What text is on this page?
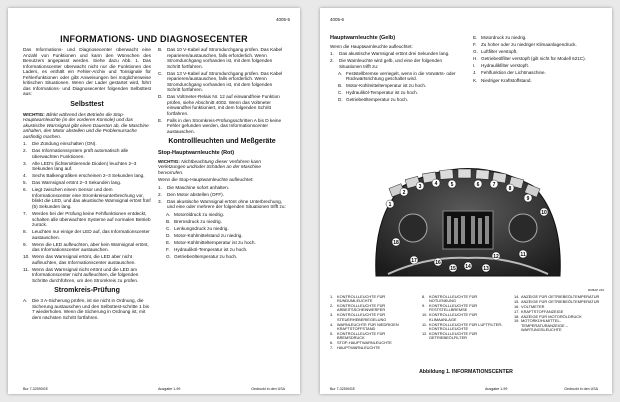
4005-5
INFORMATIONS- UND DIAGNOSECENTER

Das Informations- und Diagnosecenter überwacht eine Anzahl von Funktionen und kann den Wünschen des Benutzers angepasst werden. Siehe dazu Abb. 1. Das Informationscenter überwacht nicht nur die Funktionen des Laders, es enthält ein Fehler-Archiv und Tonsignale für Fehlerfunktionen oder gibt Anweisungen bei möglicherweise kritischen Situationen. Wenn der Lader gestartet wird, führt das Informations- und Diagnosecenter folgenden Selbsttest aus:

Selbsttest

WICHTIG: Blinkt während des Betriebs die Stop-Hauptwarnleuchte (in der vorderen Konsole) und das akustische Warnsignal gibt einen Dauerton ab, die Maschine anhalten, den Motor abstellen und die Problemursache ausfindig machen.

1.	Die Zündung einschalten (ON).
2.	Das Informationssystem prüft automatisch alle überwachten Funktionen.
3.	Alle LED's (lichtemittierende Dioden) leuchten 2–3 Sekunden lang auf.
4.	Sechs Balkengrafiken erscheinen 2–3 Sekunden lang.
5.	Das Warnsignal ertönt 2–3 Sekunden lang.
6.	Liegt zwischen einem Sensor und dem Informationscenter eine Stromkreisunterbrechung vor, blinkt die LED, und das akustische Warnsignal ertönt fünf (5) Sekunden lang.
7.	Werden bei der Prüfung keine Fehlfunktionen entdeckt, schalten alle überwachten Systeme auf normalen Betrieb zurück.
8.	Leuchten nur einige der LED auf, das Informationscenter austauschen.
9.	Wenn die LED aufleuchten, aber kein Warnsignal ertönt, das Informationscenter austauschen.
10. Wenn das Warnsignal ertönt, die LED aber nicht aufleuchten, das Informationscenter austauschen.
11. Wenn das Warnsignal nicht ertönt und die LED am Informationscenter nicht aufleuchten, die folgenden Schritte durchführen, um den Stromkreis zu prüfen.
Stromkreis-Prüfung
A. Die 3 A-Sicherung prüfen, ist sie nicht in Ordnung, die Sicherung austauschen und den Selbsttest-schritte 1 bis 7 wiederholen. Wenn die Sicherung in Ordnung ist, mit dem nächsten Schritt fortfahren.
B. Das 10 V-Kabel auf Stromdurchgang prüfen. Das Kabel reparieren/austauschen, falls erforderlich. Wenn Stromdurchgang vorhanden ist, mit dem folgenden Schritt fortfahren.
C. Das 13 V-Kabel auf Stromdurchgang prüfen. Das Kabel reparieren/austauschen, falls erforderlich. Wenn Stromdurchgang vorhanden ist, mit dem folgenden Schritt fortfahren.
D. Das Voltmeter-Relais Nr. 12 auf einwandfreie Funktion prüfen, siehe Abschnitt 4002. Wenn das Voltmeter einwandfrei funktioniert, mit dem folgenden Schritt fortfahren.
E. Falls in den Stromkreis-Prüfungsschritten A bis D keine Fehler gefunden werden, das Informationscenter austauschen.
Kontrollleuchten und Meßgeräte
Stop-Hauptwarnleuchte (Rot)

WICHTIG: Nichtbeachtung dieser Verfahren kann Verletzungen und/oder Schäden an der Maschine hervorrufen.

Wenn die Stop-Hauptwarnleuchte aufleuchtet:

1.	Die Maschine sofort anhalten.
2.	Den Motor abstellen (OFF).
3.	Das akustische Warnsignal ertönt ohne Unterbrechung, und eine oder mehrere der folgenden Situationen trifft zu:
A. Motoröldruck zu niedrig.
B. Bremsdruck zu niedrig.
C. Lenkungsdruck zu niedrig.
D. Motor-Kühlmittelstand zu niedrig.
E. Motor-Kühlmitteltemperatur ist zu hoch.
F. Hydrauliköl-Temperatur ist zu hoch.
G. Getriebeöltemperatur zu hoch.
Bur 7-32590GE	Ausgabe 1-99	Gedruckt in den USA
4005-6
Hauptwarnleuchte (Gelb)

Wenn die Hauptwarnleuchte aufleuchtet:

1.	Das akustische Warnsignal ertönt drei Sekunden lang.
2.	Die Warnleuchte wird gelb, und eine der folgenden Situationen trifft zu:
A. Feststellbremse verriegelt, wenn in die Vorwärts- oder Rückwärtsrichtung geschaltet wird.
B. Motor-Kühlmitteltemperatur ist zu hoch.
C. Hydrauliköl-Temperatur ist zu hoch.
D. Getriebeöltemperatur zu hoch.
E. Motordruck zu niedrig.
F. Zu hoher oder zu niedriger Klimaanlagendruck.
G. Luftfilter verstopft.
H. Getriebeölfilter verstopft (gilt nicht für Modell 621C).
I.	Hydraulikfilter verstopft.
J. Fehlfunktion der Lichtmaschine.
K. Niedriger Kraftstoffstand.
1
2
3	4	5	6	7
8
9
10
11
12
13
14
15
16
17
18
RCBAP 216
1. KONTROLLLEUCHTE FÜR RUNDUMLEUCHTE
2. KONTROLLLEUCHTE FÜR ARBEITSSCHEINWERFER
3. KONTROLLLEUCHTE FÜR STEUERHEBERIEGELUNG
4. WARNLEUCHTE FÜR NIEDRIGEN KRAFTSTOFFSTAND
5. KONTROLLLEUCHTE FÜR BREMSDRUCK
6. STOP-HAUPTWARNLEUCHTE
7. HAUPTWARNLEUCHTE
8. KONTROLLLEUCHTE FÜR NOTLENKUNG
9. KONTROLLLEUCHTE FÜR FESTSTELLBREMSE
10. KONTROLLLEUCHTE FÜR KLIMAANLAGE
11. KONTROLLLEUCHTE FÜR LUFTFILTER-KONTROLLLEUCHTE
12. KONTROLLLEUCHTE FÜR GETRIEBEÖLFILTER
14. ANZEIGE FÜR GETRIEBEÖLTEMPERATUR
15. ANZEIGE FÜR GETRIEBEÖLTEMPERATUR
16. VOLTMETER
17. KRAFTSTOFFANZEIGE
18. ANZEIGE FÜR MOTORÖLDRUCK
19. MOTORKÜHLMITTEL-TEMPERATURANZEIGE – WARTUNGSLEUCHTE
Abbildung 1. INFORMATIONSCENTER
Bur 7-32590GE	Ausgabe 1-99	Gedruckt in den USA
